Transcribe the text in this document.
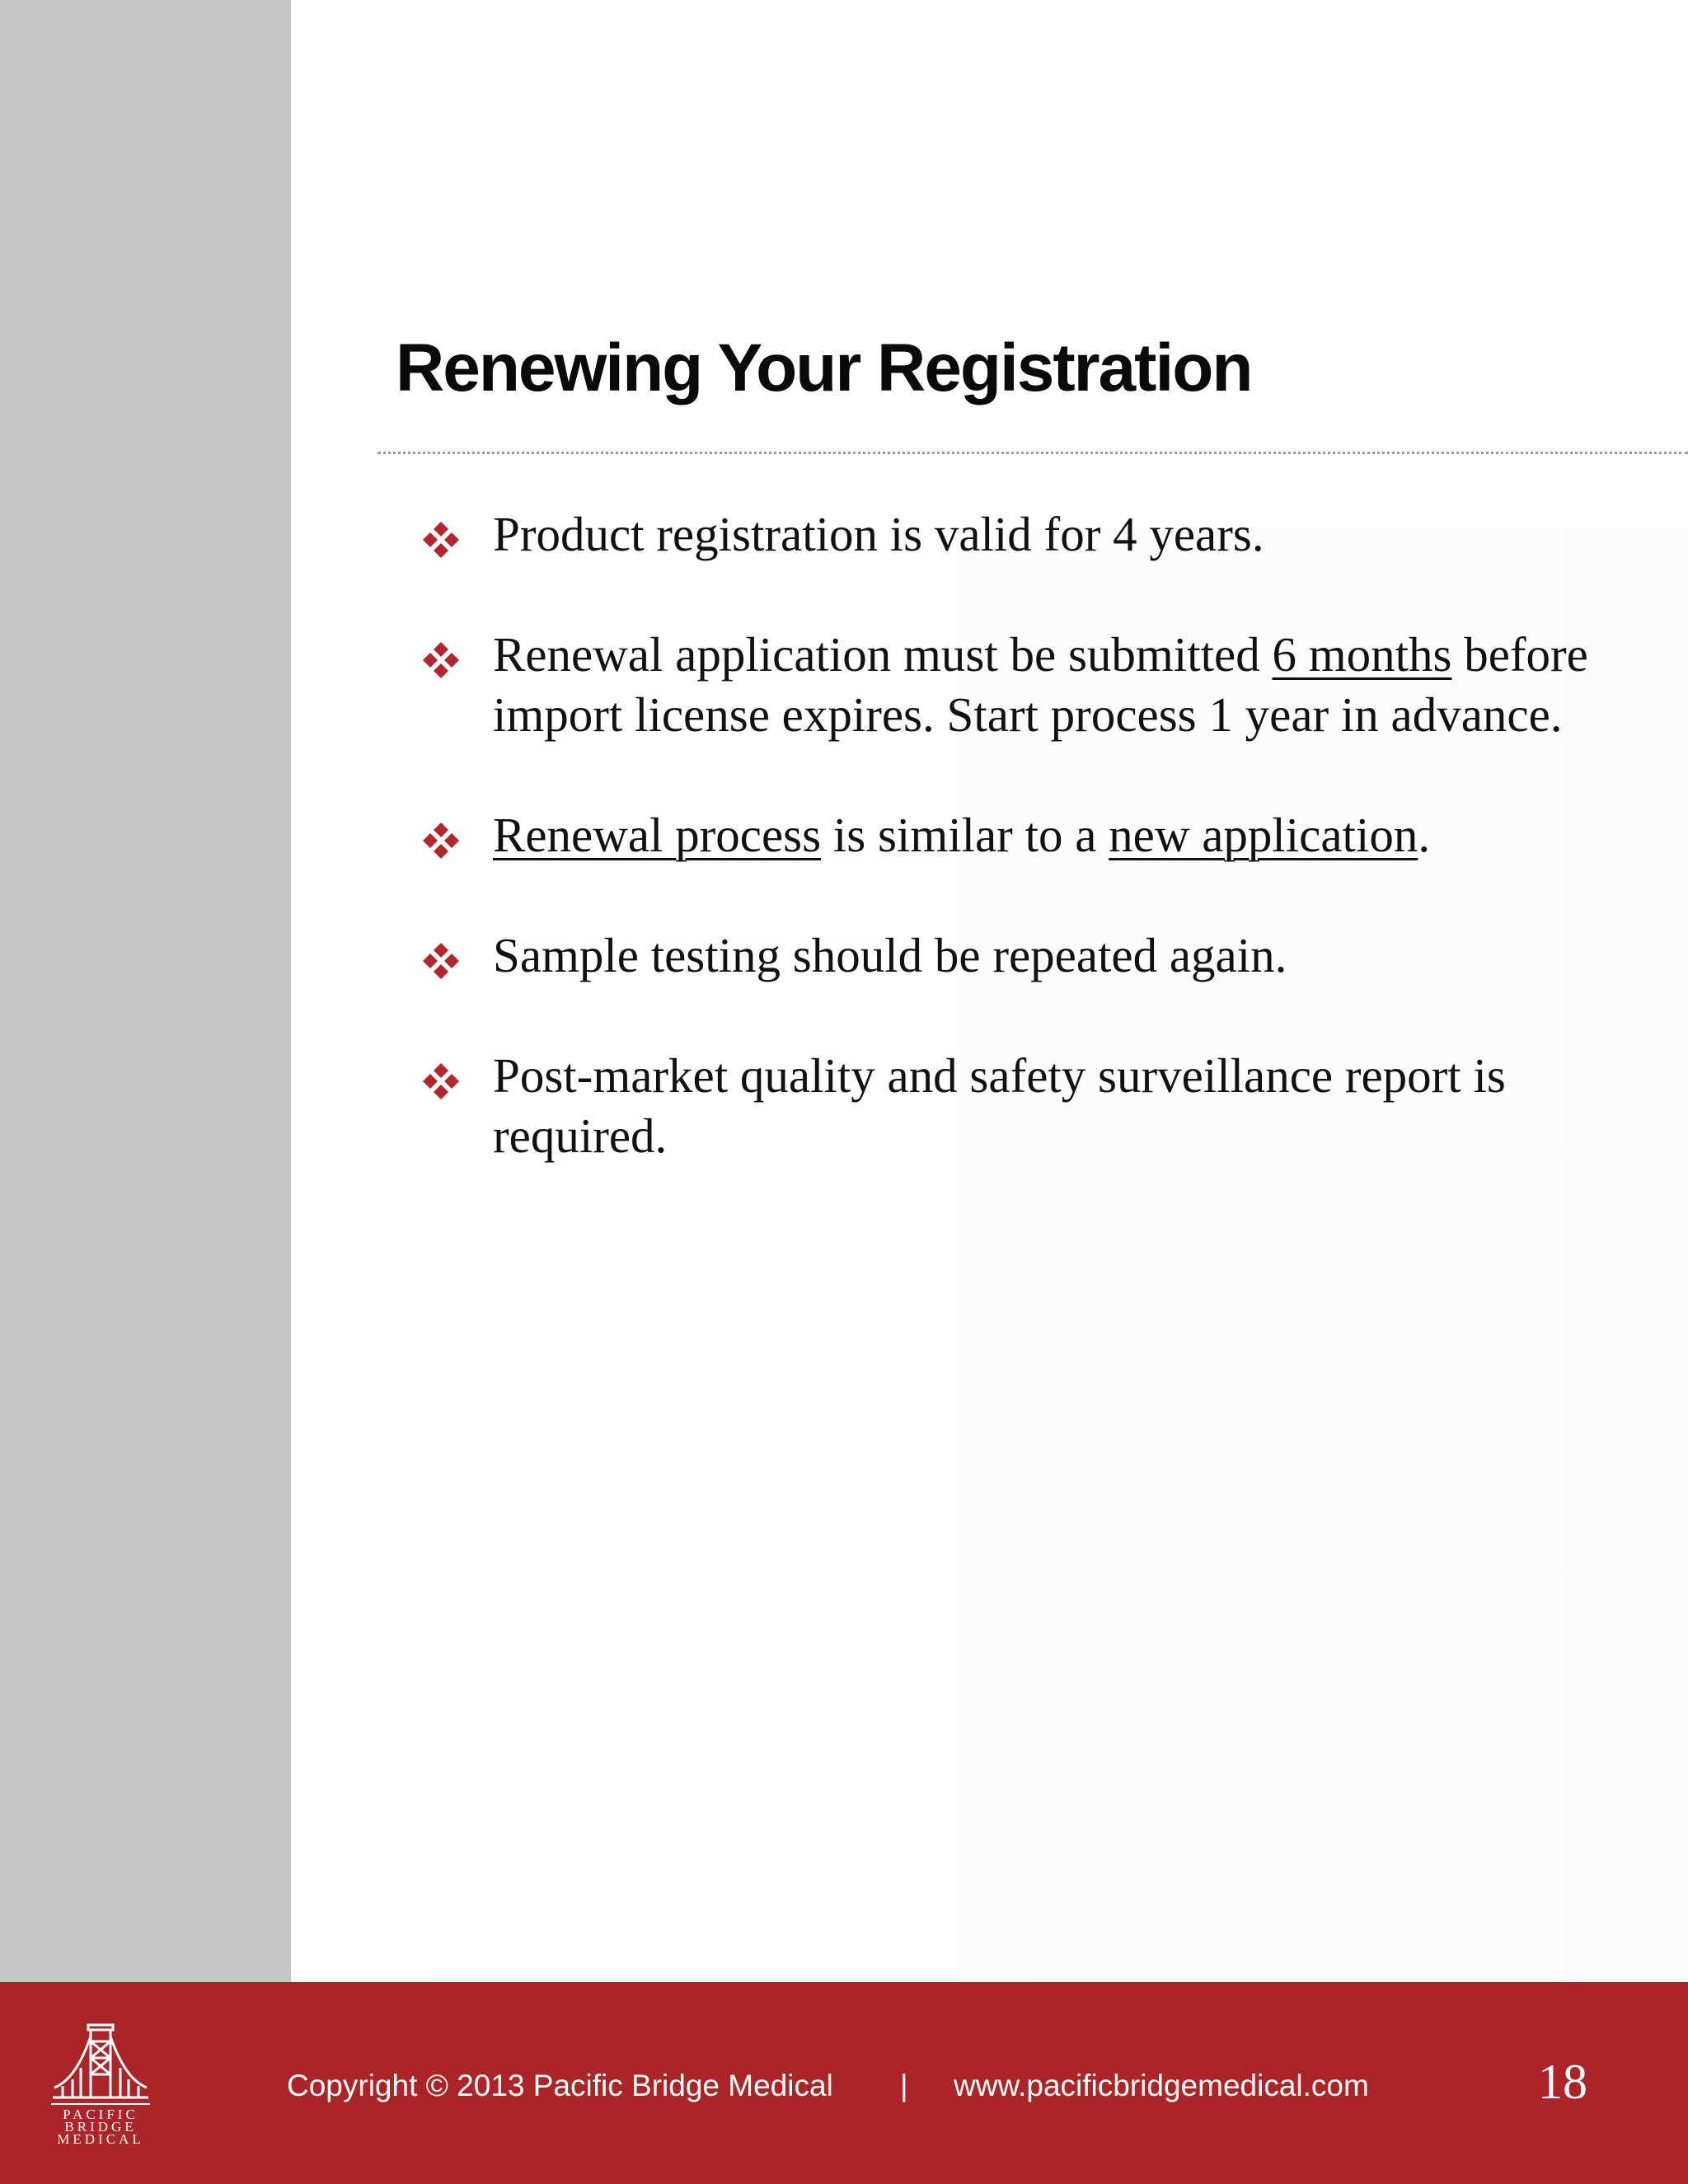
Renewing Your Registration
Product registration is valid for 4 years.
Renewal application must be submitted 6 months before import license expires. Start process 1 year in advance.
Renewal process is similar to a new application.
Sample testing should be repeated again.
Post-market quality and safety surveillance report is required.
PACIFIC
BRIDGE
MEDICAL
Copyright © 2013 Pacific Bridge Medical | www.pacificbridgemedical.com	18
